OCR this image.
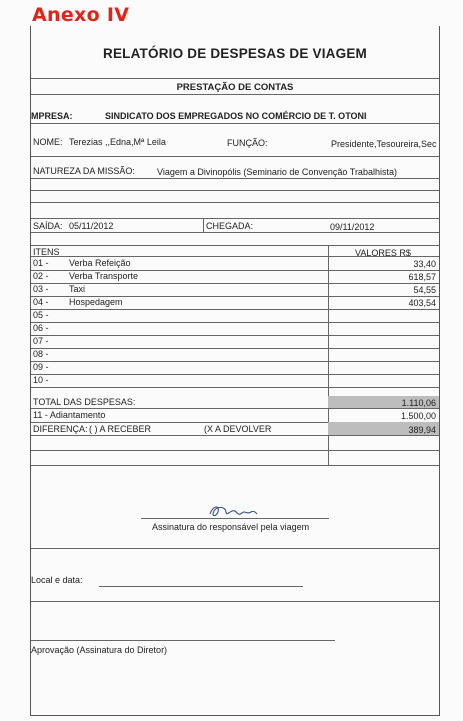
Anexo IV
RELATÓRIO DE DESPESAS DE VIAGEM
PRESTAÇÃO DE CONTAS
MPRESA:	SINDICATO DOS EMPREGADOS NO COMÉRCIO DE T. OTONI
NOME: Terezias ,,Edna,Mª Leila	FUNÇÃO:	Presidente,Tesoureira,Sec
NATUREZA DA MISSÃO: Viagem a Divinopólis (Seminario de Convenção Trabalhista)
SAÍDA: 05/11/2012	CHEGADA:	09/11/2012
ITENS	VALORES R$
01 - Verba Refeição	33,40
02 - Verba Transporte	618,57
03 - Taxi	54,55
04 - Hospedagem	403,54
05 -
06 -
07 -
08 -
09 -
10 -
TOTAL DAS DESPESAS:	1.110,06
11 - Adiantamento	1.500,00
DIFERENÇA: ( ) A RECEBER	(X A DEVOLVER	389,94
Assinatura do responsável pela viagem
Local e data:
Aprovação (Assinatura do Diretor)
